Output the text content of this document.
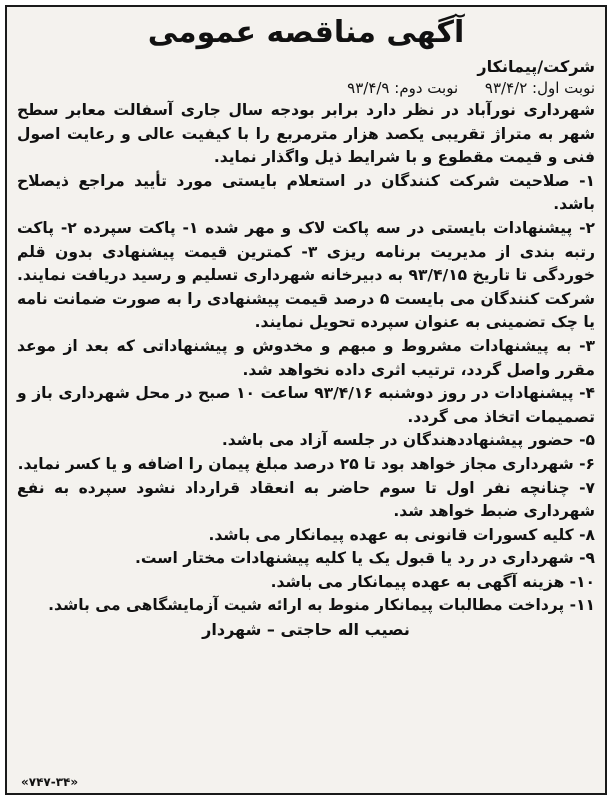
آگهی مناقصه عمومی
شرکت/پیمانکار
نوبت اول: ۹۳/۴/۲ نوبت دوم: ۹۳/۴/۹

شهرداری نورآباد در نظر دارد برابر بودجه سال جاری آسفالت معابر سطح شهر به متراژ تقریبی یکصد هزار مترمربع را با کیفیت عالی و رعایت اصول فنی و قیمت مقطوع و با شرایط ذیل واگذار نماید.

۱- صلاحیت شرکت کنندگان در استعلام بایستی مورد تأیید مراجع ذیصلاح باشد.

۲- پیشنهادات بایستی در سه پاکت لاک و مهر شده ۱- پاکت سپرده ۲- پاکت رتبه بندی از مدیریت برنامه ریزی ۳- کمترین قیمت پیشنهادی بدون قلم خوردگی تا تاریخ ۹۳/۴/۱۵ به دبیرخانه شهرداری تسلیم و رسید دریافت نمایند. شرکت کنندگان می بایست ۵ درصد قیمت پیشنهادی را به صورت ضمانت نامه یا چک تضمینی به عنوان سپرده تحویل نمایند.

۳- به پیشنهادات مشروط و مبهم و مخدوش و پیشنهاداتی که بعد از موعد مقرر واصل گردد، ترتیب اثری داده نخواهد شد.

۴- پیشنهادات در روز دوشنبه ۹۳/۴/۱۶ ساعت ۱۰ صبح در محل شهرداری باز و تصمیمات اتخاذ می گردد.

۵- حضور پیشنهاددهندگان در جلسه آزاد می باشد.

۶- شهرداری مجاز خواهد بود تا ۲۵ درصد مبلغ پیمان را اضافه و یا کسر نماید.

۷- چنانچه نفر اول تا سوم حاضر به انعقاد قرارداد نشود سپرده به نفع شهرداری ضبط خواهد شد.

۸- کلیه کسورات قانونی به عهده پیمانکار می باشد.

۹- شهرداری در رد یا قبول یک یا کلیه پیشنهادات مختار است.

۱۰- هزینه آگهی به عهده پیمانکار می باشد.

۱۱- پرداخت مطالبات پیمانکار منوط به ارائه شیت آزمایشگاهی می باشد.

نصیب اله حاجتی – شهردار
«۷۴۷-۳۴»
